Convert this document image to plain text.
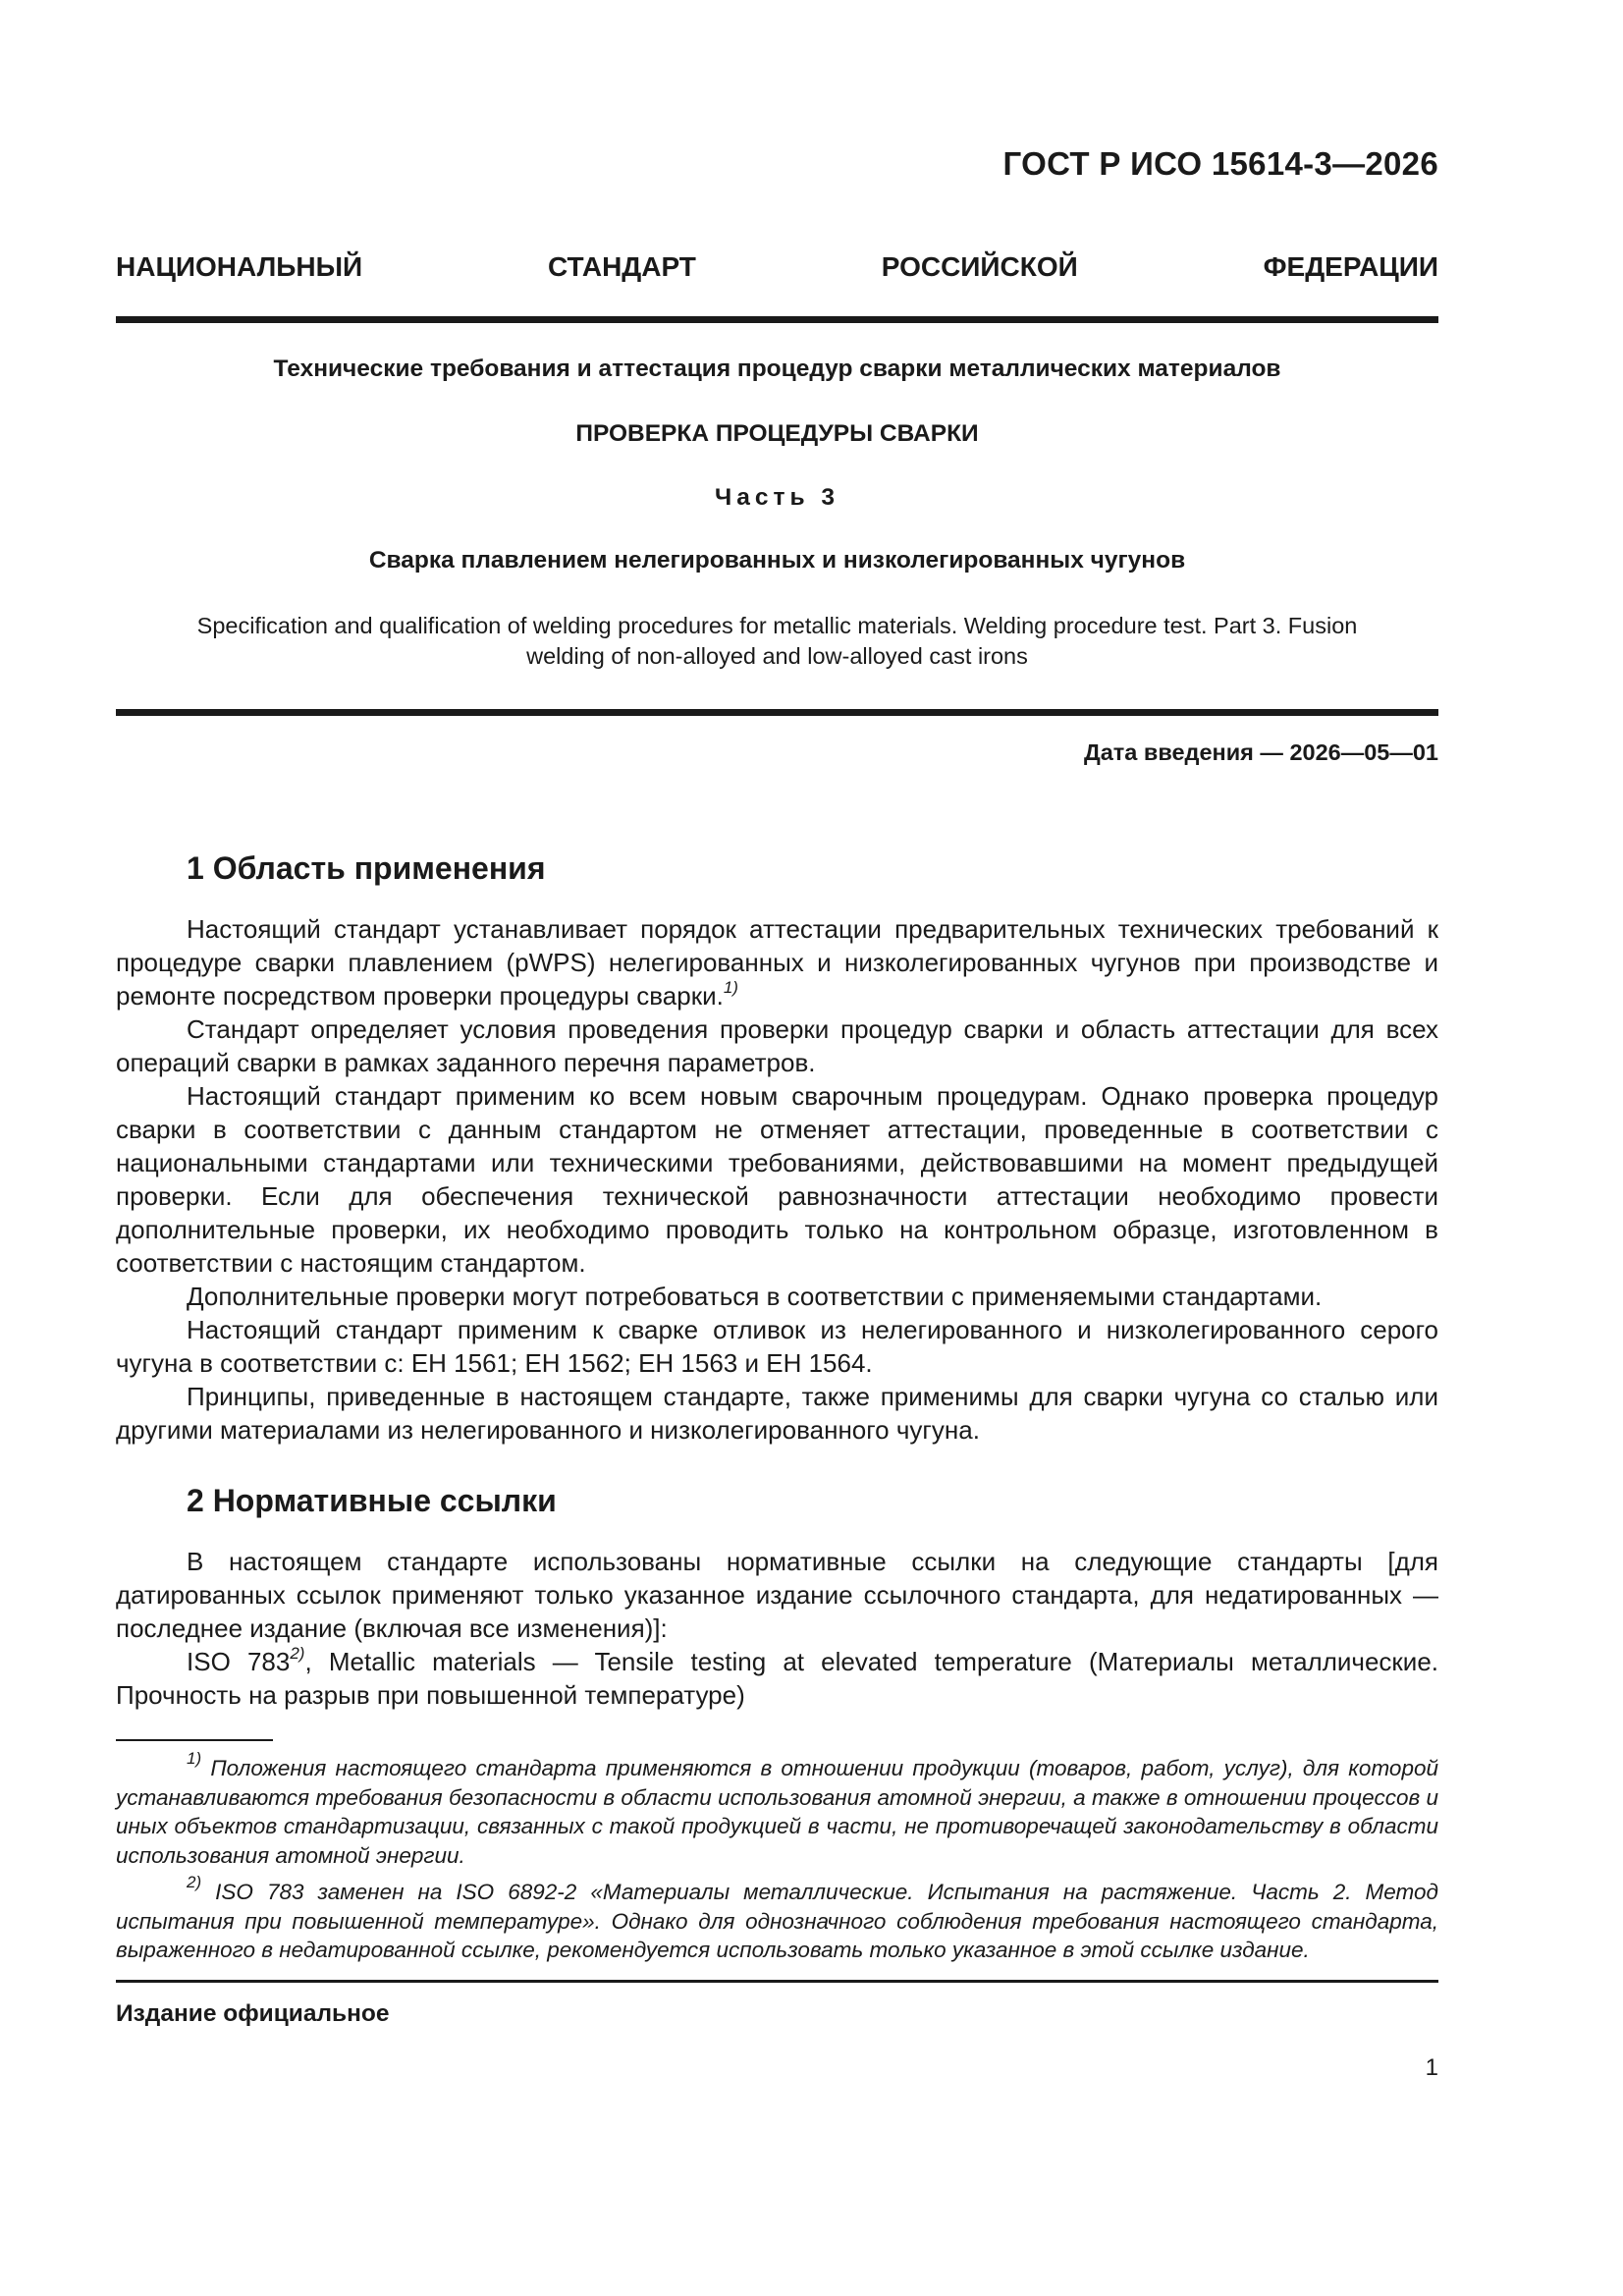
ГОСТ Р ИСО 15614-3—2026
НАЦИОНАЛЬНЫЙ СТАНДАРТ РОССИЙСКОЙ ФЕДЕРАЦИИ
Технические требования и аттестация процедур сварки металлических материалов
ПРОВЕРКА ПРОЦЕДУРЫ СВАРКИ
Часть 3
Сварка плавлением нелегированных и низколегированных чугунов
Specification and qualification of welding procedures for metallic materials. Welding procedure test. Part 3. Fusion welding of non-alloyed and low-alloyed cast irons
Дата введения — 2026—05—01
1 Область применения

Настоящий стандарт устанавливает порядок аттестации предварительных технических требований к процедуре сварки плавлением (pWPS) нелегированных и низколегированных чугунов при производстве и ремонте посредством проверки процедуры сварки.$^{1)}$

Стандарт определяет условия проведения проверки процедур сварки и область аттестации для всех операций сварки в рамках заданного перечня параметров.

Настоящий стандарт применим ко всем новым сварочным процедурам. Однако проверка процедур сварки в соответствии с данным стандартом не отменяет аттестации, проведенные в соответствии с национальными стандартами или техническими требованиями, действовавшими на момент предыдущей проверки. Если для обеспечения технической равнозначности аттестации необходимо провести дополнительные проверки, их необходимо проводить только на контрольном образце, изготовленном в соответствии с настоящим стандартом.

Дополнительные проверки могут потребоваться в соответствии с применяемыми стандартами.

Настоящий стандарт применим к сварке отливок из нелегированного и низколегированного серого чугуна в соответствии с: ЕН 1561; ЕН 1562; ЕН 1563 и ЕН 1564.

Принципы, приведенные в настоящем стандарте, также применимы для сварки чугуна со сталью или другими материалами из нелегированного и низколегированного чугуна.

2 Нормативные ссылки

В настоящем стандарте использованы нормативные ссылки на следующие стандарты [для датированных ссылок применяют только указанное издание ссылочного стандарта, для недатированных — последнее издание (включая все изменения)]:

ISO 783$^{2)}$, Metallic materials — Tensile testing at elevated temperature (Материалы металлические. Прочность на разрыв при повышенной температуре)

$^{1)}$ Положения настоящего стандарта применяются в отношении продукции (товаров, работ, услуг), для которой устанавливаются требования безопасности в области использования атомной энергии, а также в отношении процессов и иных объектов стандартизации, связанных с такой продукцией в части, не противоречащей законодательству в области использования атомной энергии.

$^{2)}$ ISO 783 заменен на ISO 6892-2 «Материалы металлические. Испытания на растяжение. Часть 2. Метод испытания при повышенной температуре». Однако для однозначного соблюдения требования настоящего стандарта, выраженного в недатированной ссылке, рекомендуется использовать только указанное в этой ссылке издание.

Издание официальное
1
